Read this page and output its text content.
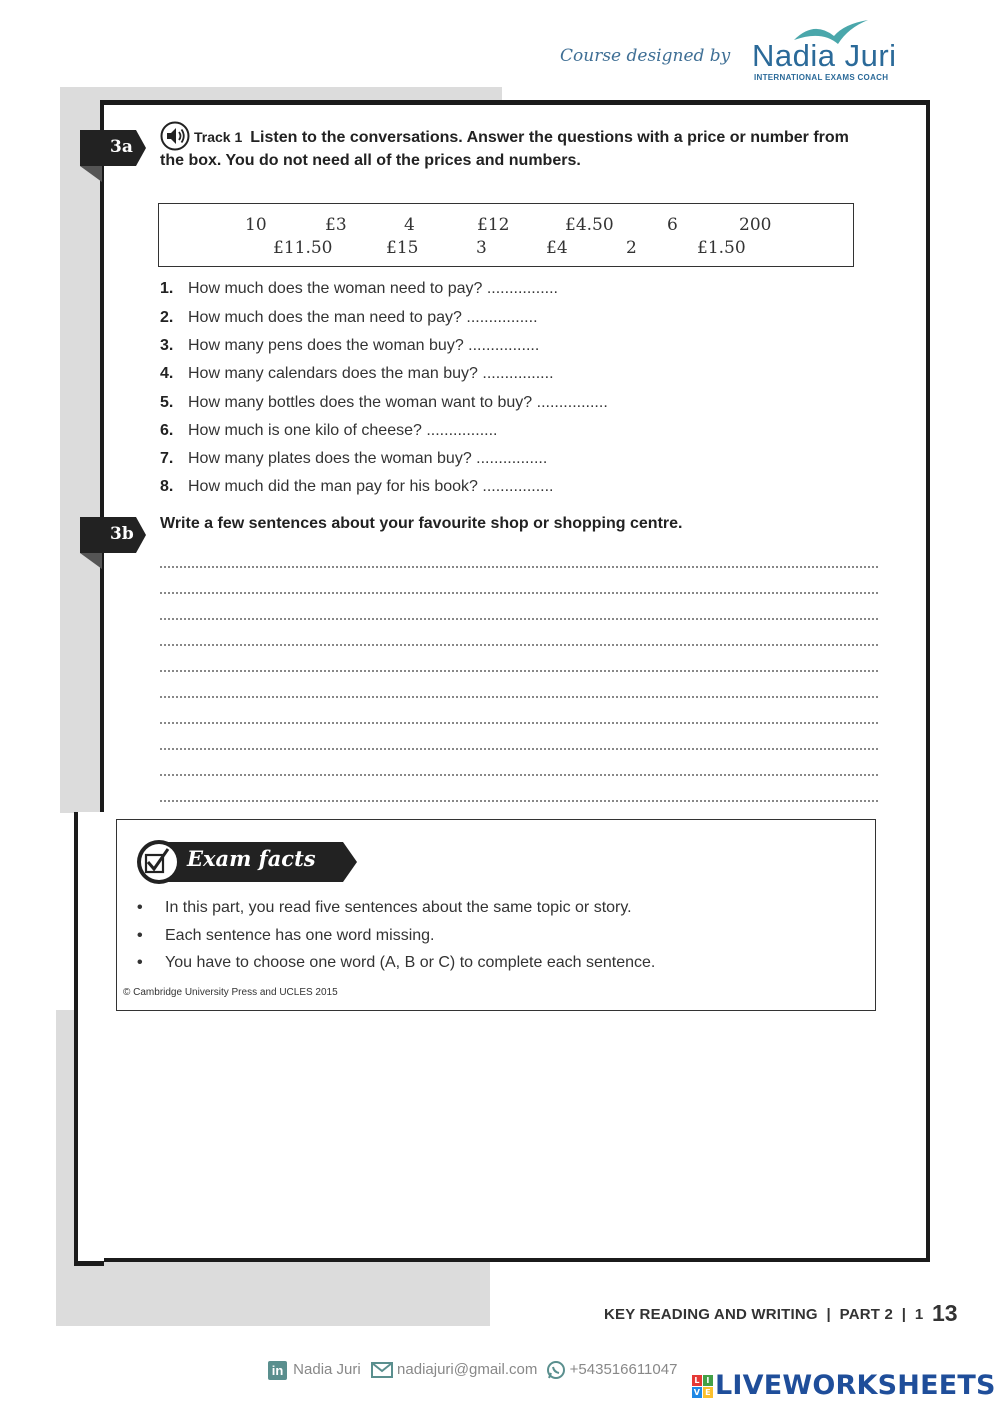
Course designed by Nadia Juri
INTERNATIONAL EXAMS COACH
3a	Track 1 Listen to the conversations. Answer the questions with a price or number from
the box. You do not need all of the prices and numbers.
10	£3	4	£12	£4.50	6	200
£11.50	£15	3	£4	2	£1.50
1. How much does the woman need to pay? ................
2. How much does the man need to pay? ................
3. How many pens does the woman buy? ................
4. How many calendars does the man buy? ................
5. How many bottles does the woman want to buy? ................
6. How much is one kilo of cheese? ................
7. How many plates does the woman buy? ................
8. How much did the man pay for his book? ................
3b
Write a few sentences about your favourite shop or shopping centre.
Exam facts
• In this part, you read five sentences about the same topic or story.
• Each sentence has one word missing.
• You have to choose one word (A, B or C) to complete each sentence.
© Cambridge University Press and UCLES 2015
KEY READING AND WRITING  |  PART 2  |  1 13
in Nadia Juri nadiajuri@gmail.com +543516611047
L I
V E LIVEWORKSHEETS
